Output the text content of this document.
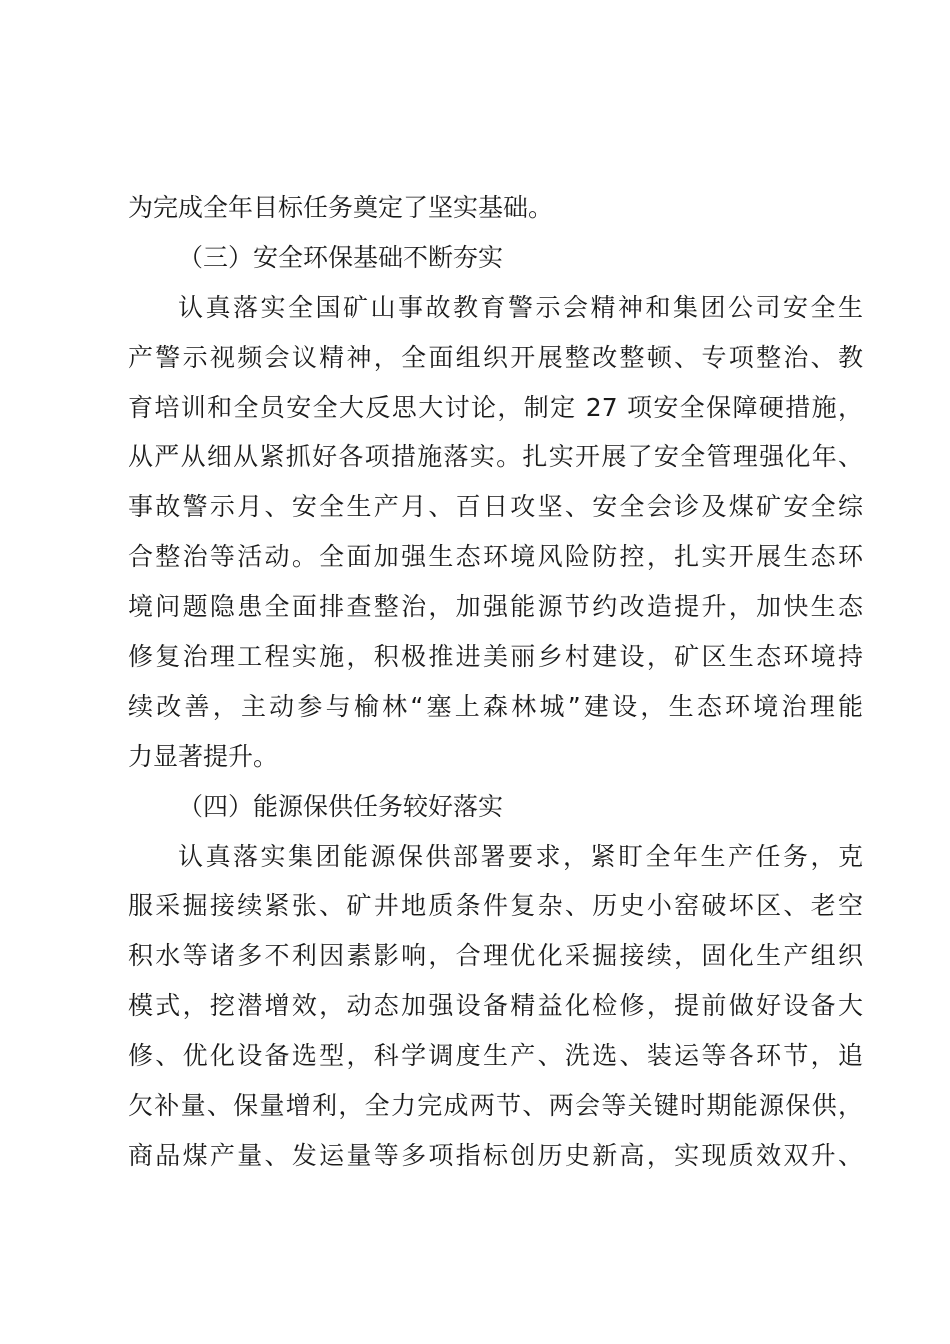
为完成全年目标任务奠定了坚实基础。
（三）安全环保基础不断夯实
认真落实全国矿山事故教育警示会精神和集团公司安全生
产警示视频会议精神，全面组织开展整改整顿、专项整治、教
育培训和全员安全大反思大讨论，制定 27 项安全保障硬措施，
从严从细从紧抓好各项措施落实。扎实开展了安全管理强化年、
事故警示月、安全生产月、百日攻坚、安全会诊及煤矿安全综
合整治等活动。全面加强生态环境风险防控，扎实开展生态环
境问题隐患全面排查整治，加强能源节约改造提升，加快生态
修复治理工程实施，积极推进美丽乡村建设，矿区生态环境持
续改善，主动参与榆林“塞上森林城”建设，生态环境治理能
力显著提升。
（四）能源保供任务较好落实
认真落实集团能源保供部署要求，紧盯全年生产任务，克
服采掘接续紧张、矿井地质条件复杂、历史小窑破坏区、老空
积水等诸多不利因素影响，合理优化采掘接续，固化生产组织
模式，挖潜增效，动态加强设备精益化检修，提前做好设备大
修、优化设备选型，科学调度生产、洗选、装运等各环节，追
欠补量、保量增利，全力完成两节、两会等关键时期能源保供，
商品煤产量、发运量等多项指标创历史新高，实现质效双升、
